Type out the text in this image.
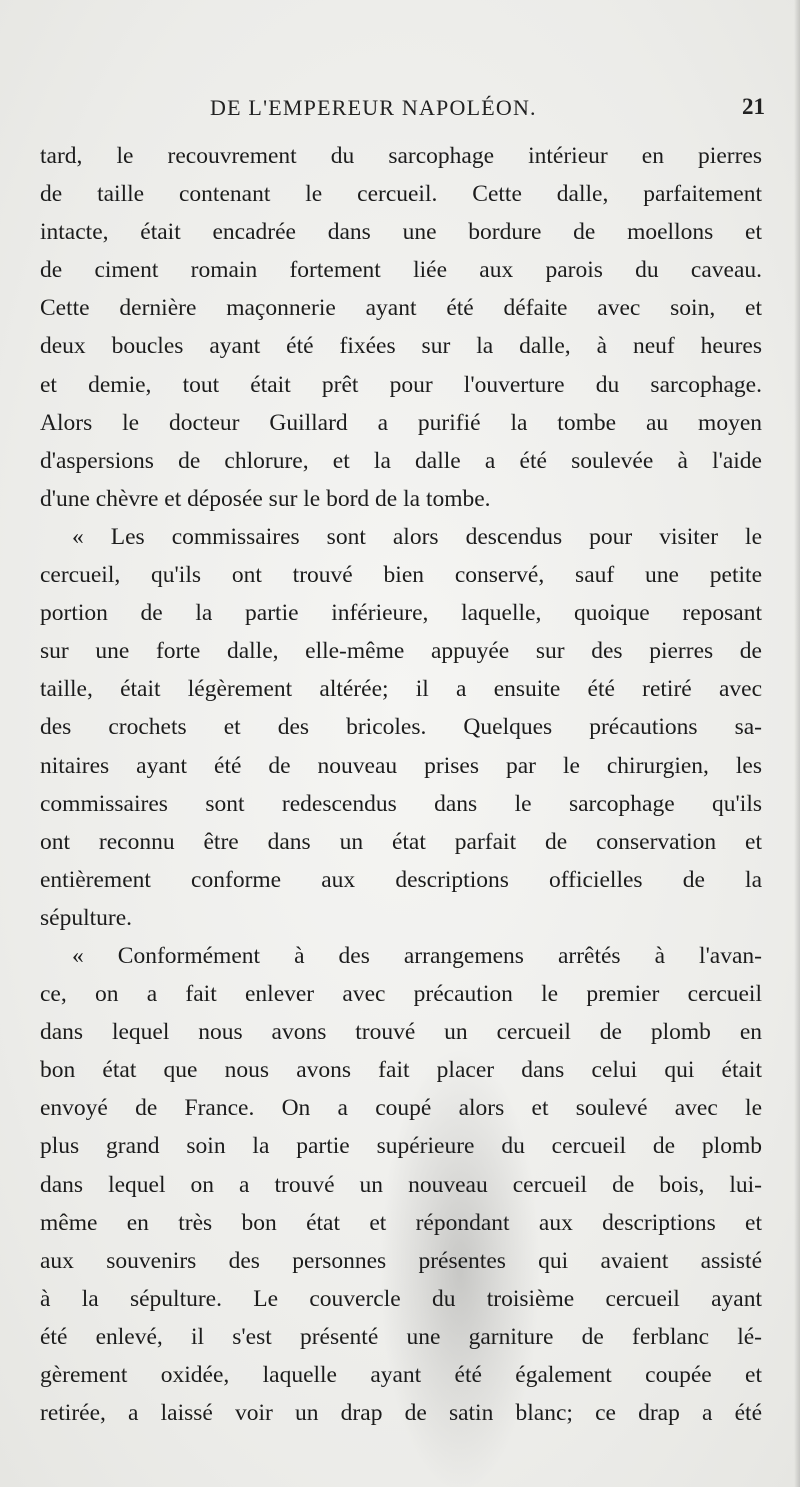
DE L'EMPEREUR NAPOLÉON.	21
tard, le recouvrement du sarcophage intérieur en pierres
de taille contenant le cercueil. Cette dalle, parfaitement
intacte, était encadrée dans une bordure de moellons et
de ciment romain fortement liée aux parois du caveau.
Cette dernière maçonnerie ayant été défaite avec soin, et
deux boucles ayant été fixées sur la dalle, à neuf heures
et demie, tout était prêt pour l'ouverture du sarcophage.
Alors le docteur Guillard a purifié la tombe au moyen
d'aspersions de chlorure, et la dalle a été soulevée à l'aide
d'une chèvre et déposée sur le bord de la tombe.
« Les commissaires sont alors descendus pour visiter le
cercueil, qu'ils ont trouvé bien conservé, sauf une petite
portion de la partie inférieure, laquelle, quoique reposant
sur une forte dalle, elle-même appuyée sur des pierres de
taille, était légèrement altérée; il a ensuite été retiré avec
des crochets et des bricoles. Quelques précautions sa-
nitaires ayant été de nouveau prises par le chirurgien, les
commissaires sont redescendus dans le sarcophage qu'ils
ont reconnu être dans un état parfait de conservation et
entièrement conforme aux descriptions officielles de la
sépulture.
« Conformément à des arrangemens arrêtés à l'avan-
ce, on a fait enlever avec précaution le premier cercueil
dans lequel nous avons trouvé un cercueil de plomb en
bon état que nous avons fait placer dans celui qui était
envoyé de France. On a coupé alors et soulevé avec le
plus grand soin la partie supérieure du cercueil de plomb
dans lequel on a trouvé un nouveau cercueil de bois, lui-
même en très bon état et répondant aux descriptions et
aux souvenirs des personnes présentes qui avaient assisté
à la sépulture. Le couvercle du troisième cercueil ayant
été enlevé, il s'est présenté une garniture de ferblanc lé-
gèrement oxidée, laquelle ayant été également coupée et
retirée, a laissé voir un drap de satin blanc; ce drap a été
